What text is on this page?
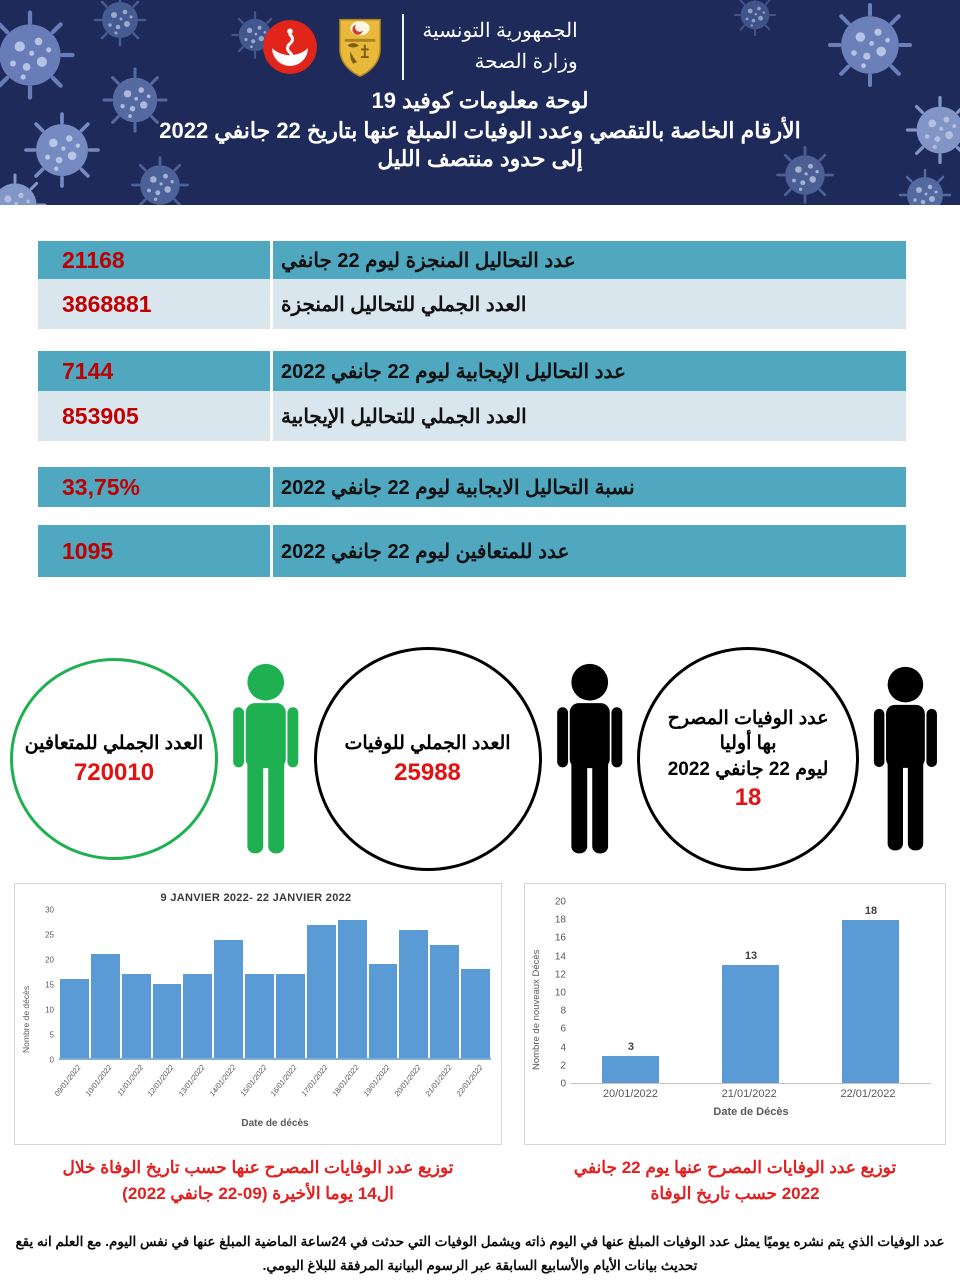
الجمهورية التونسية
وزارة الصحة
لوحة معلومات كوفيد 19
الأرقام الخاصة بالتقصي وعدد الوفيات المبلغ عنها بتاريخ 22 جانفي 2022
إلى حدود منتصف الليل
عدد التحاليل المنجزة ليوم 22 جانفي
21168
العدد الجملي للتحاليل المنجزة
3868881
عدد التحاليل الإيجابية ليوم 22 جانفي 2022
7144
العدد الجملي للتحاليل الإيجابية
853905
نسبة التحاليل الايجابية ليوم 22 جانفي 2022
33,75%
عدد للمتعافين ليوم 22 جانفي 2022
1095
العدد الجملي للمتعافين
720010
العدد الجملي للوفيات
25988
عدد الوفيات المصرح بها أوليا
ليوم 22 جانفي 2022
18
9 JANVIER 2022- 22 JANVIER 2022
Nombre de décès
0
5
10
15
20
25
30
09/01/2022 10/01/2022 11/01/2022 12/01/2022 13/01/2022 14/01/2022 15/01/2022 16/01/2022 17/01/2022 18/01/2022 19/01/2022 20/01/2022 21/01/2022 22/01/2022
Date de décès
Nombre de nouveaux Décès
0
2
4
6
8
10
12
14
16
18
20
3
13
18
20/01/2022	21/01/2022	22/01/2022
Date de Décès
توزيع عدد الوفايات المصرح عنها حسب تاريخ الوفاة خلال ال14 يوما الأخيرة (09-22 جانفي 2022)
توزيع عدد الوفايات المصرح عنها يوم 22 جانفي 2022 حسب تاريخ الوفاة
عدد الوفيات الذي يتم نشره يوميًا يمثل عدد الوفيات المبلغ عنها في اليوم ذاته ويشمل الوفيات التي حدثت في 24ساعة الماضية المبلغ عنها في نفس اليوم. مع العلم انه يقع تحديث بيانات الأيام والأسابيع السابقة عبر الرسوم البيانية المرفقة للبلاغ اليومي.
